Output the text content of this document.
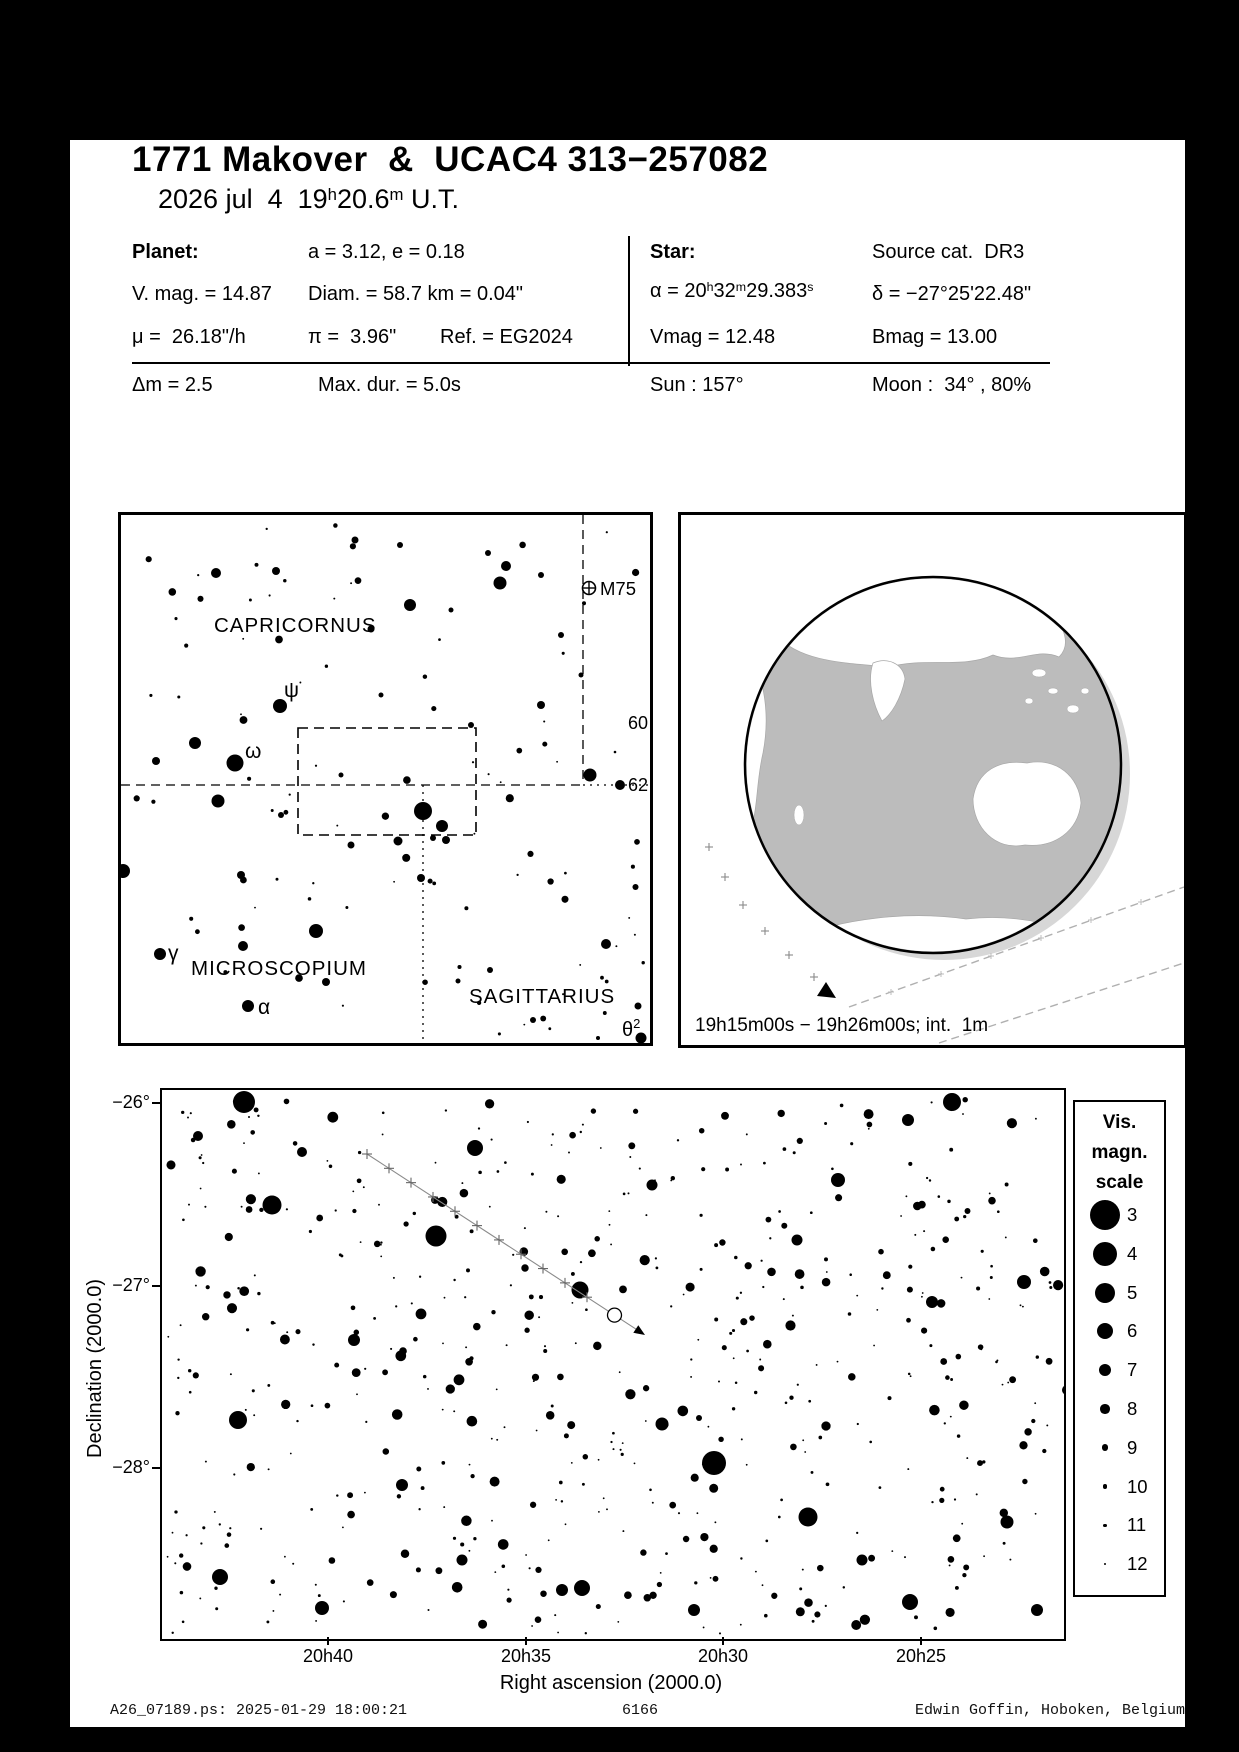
1771 Makover  &  UCAC4 313−257082
2026 jul  4  19$^h$20.6$^m$ U.T.
Planet:	a = 3.12, e = 0.18	Star:	Source cat.  DR3
V. mag. = 14.87 Diam. = 58.7 km = 0.04"	$\alpha = 20^h32^m29.383^s$	δ = −27°25'22.48"
μ =  26.18"/h	π =  3.96" Ref. = EG2024	Vmag = 12.48	Bmag = 13.00
Δm = 2.5	Max. dur. = 5.0s	Sun : 157°	Moon :  34° , 80%
CAPRICORNUS
MICROSCOPIUM
SAGITTARIUS
ψ
ω
γ
α
60
62
$\theta^2$
M75
19h15m00s − 19h26m00s; int.  1m
Vis.
magn.
scale
3
4
5
6
7
8
9
10
11
12
Right ascension (2000.0)
Declination (2000.0)
A26_07189.ps: 2025-01-29 18:00:21	6166	Edwin Goffin, Hoboken, Belgium
20h40	20h35	20h30	20h25
−26°
−27°
−28°
